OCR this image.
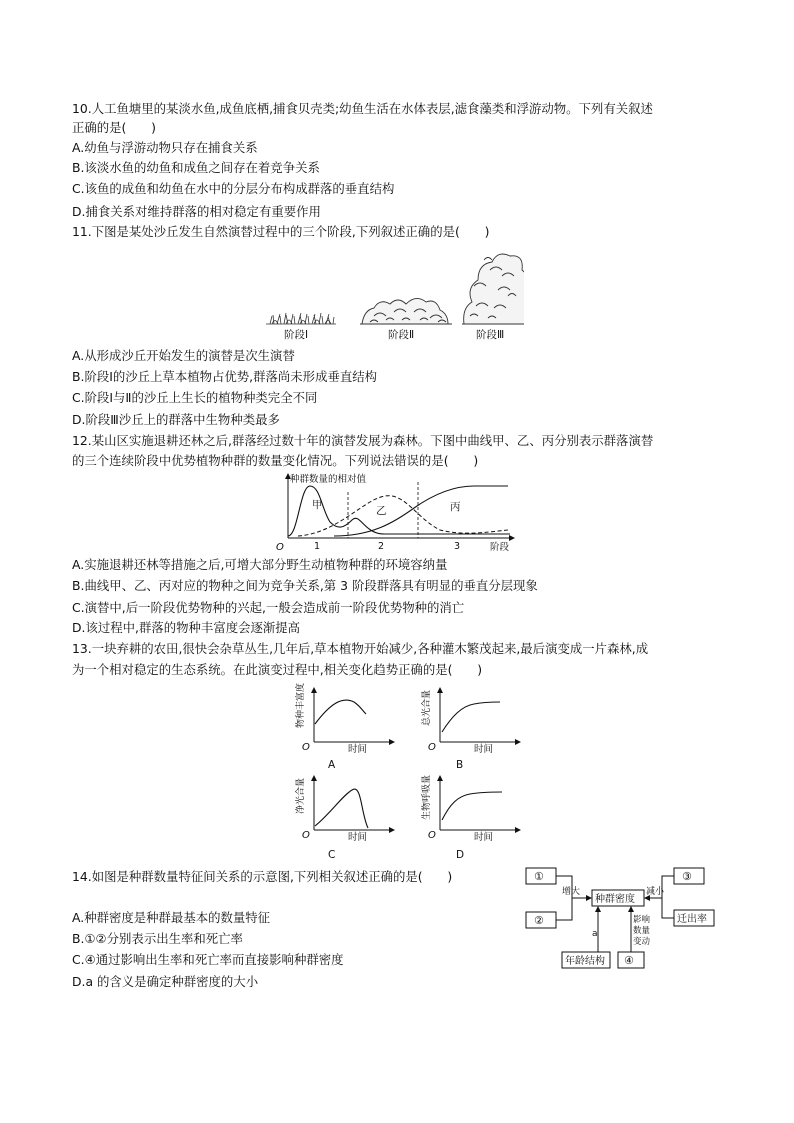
10.人工鱼塘里的某淡水鱼,成鱼底栖,捕食贝壳类;幼鱼生活在水体表层,滤食藻类和浮游动物。下列有关叙述
正确的是(　　)
A.幼鱼与浮游动物只存在捕食关系
B.该淡水鱼的幼鱼和成鱼之间存在着竞争关系
C.该鱼的成鱼和幼鱼在水中的分层分布构成群落的垂直结构
D.捕食关系对维持群落的相对稳定有重要作用
11.下图是某处沙丘发生自然演替过程中的三个阶段,下列叙述正确的是(　　)
阶段Ⅰ	阶段Ⅱ	阶段Ⅲ
A.从形成沙丘开始发生的演替是次生演替
B.阶段Ⅰ的沙丘上草本植物占优势,群落尚未形成垂直结构
C.阶段Ⅰ与Ⅱ的沙丘上生长的植物种类完全不同
D.阶段Ⅲ沙丘上的群落中生物种类最多
12.某山区实施退耕还林之后,群落经过数十年的演替发展为森林。下图中曲线甲、乙、丙分别表示群落演替
的三个连续阶段中优势植物种群的数量变化情况。下列说法错误的是(　　)
种群数量的相对值
O	1	2	3	阶段
甲	乙	丙
A.实施退耕还林等措施之后,可增大部分野生动植物种群的环境容纳量
B.曲线甲、乙、丙对应的物种之间为竞争关系,第 3 阶段群落具有明显的垂直分层现象
C.演替中,后一阶段优势物种的兴起,一般会造成前一阶段优势物种的消亡
D.该过程中,群落的物种丰富度会逐渐提高
13.一块弃耕的农田,很快会杂草丛生,几年后,草本植物开始减少,各种灌木繁茂起来,最后演变成一片森林,成
为一个相对稳定的生态系统。在此演变过程中,相关变化趋势正确的是(　　)
物种丰富度
O	时间
A
总光合量
O	时间
B
净光合量
O	时间
C
生物呼吸量
O	时间
D
14.如图是种群数量特征间关系的示意图,下列相关叙述正确的是(　　)
A.种群密度是种群最基本的数量特征
B.①②分别表示出生率和死亡率
C.④通过影响出生率和死亡率而直接影响种群密度
D.a 的含义是确定种群密度的大小
①
②
③
迁出率
种群密度
年龄结构 ④
增大	减小
a
影响
数量
变动
